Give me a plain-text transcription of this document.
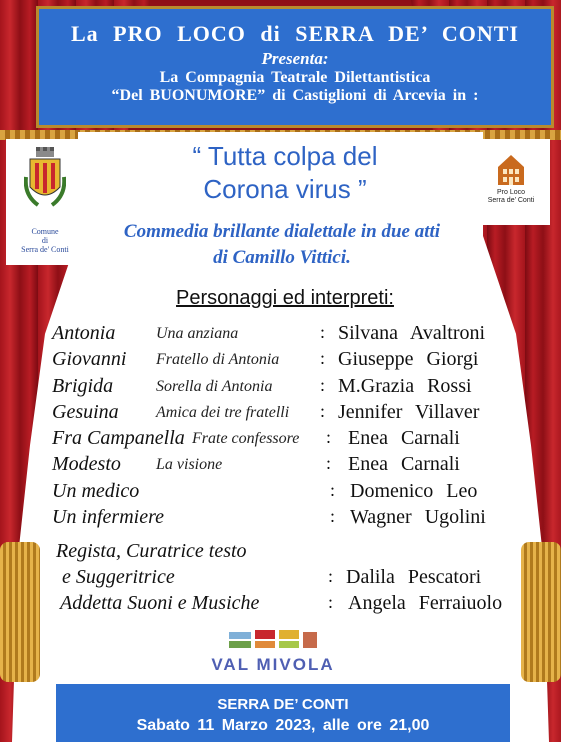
La PRO LOCO di SERRA DE’ CONTI
Presenta:
La Compagnia Teatrale Dilettantistica
“Del BUONUMORE” di Castiglioni di Arcevia in :
Comune
di
Serra de' Conti
Pro Loco
Serra de' Conti
“ Tutta colpa del
Corona virus ”
Commedia brillante dialettale in due atti
di Camillo Vittici.
Personaggi ed interpreti:
Antonia	Una anziana	: Silvana Avaltroni
Giovanni Fratello di Antonia : Giuseppe Giorgi
Brigida	Sorella di Antonia	: M.Grazia Rossi
Gesuina Amica dei tre fratelli : Jennifer Villaver
Fra Campanella Frate confessore : Enea Carnali
Modesto La visione	: Enea Carnali
Un medico	: Domenico Leo
Un infermiere	: Wagner Ugolini
Regista, Curatrice testo
e Suggeritrice	: Dalila Pescatori
Addetta Suoni e Musiche	: Angela Ferraiuolo
VAL MIVOLA
SERRA DE’ CONTI
Sabato 11 Marzo 2023, alle ore 21,00
